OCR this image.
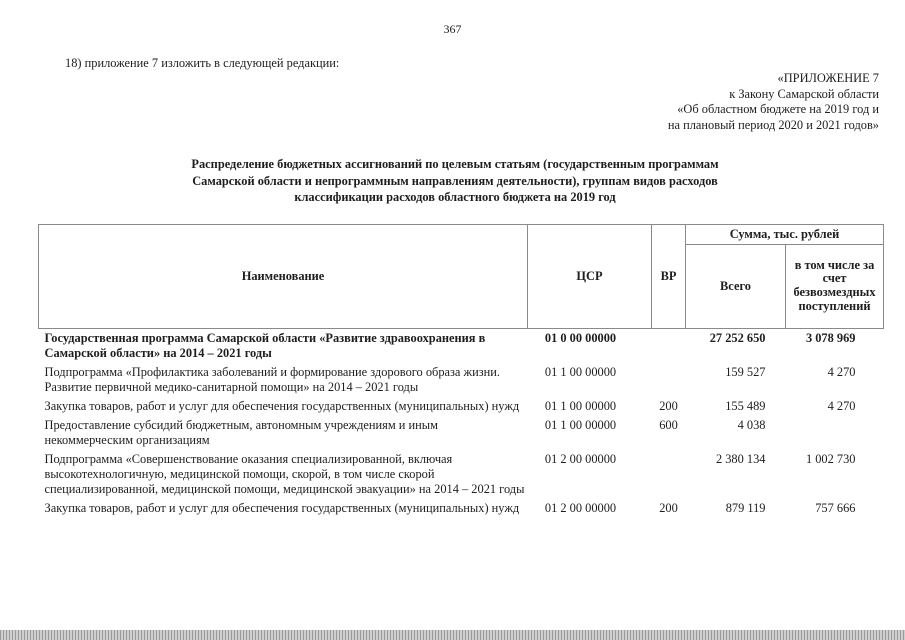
367
18) приложение 7 изложить в следующей редакции:
«ПРИЛОЖЕНИЕ 7
к Закону Самарской области
«Об областном бюджете на 2019 год и
на плановый период 2020 и 2021 годов»
Распределение бюджетных ассигнований по целевым статьям (государственным программам
Самарской области и непрограммным направлениям деятельности), группам видов расходов
классификации расходов областного бюджета на 2019 год
Наименование	ЦСР	ВР	Сумма, тыс. рублей	
			Всего	в том числе за счет безвозмездных поступлений
Государственная программа Самарской области «Развитие здравоохранения в Самарской области» на 2014 – 2021 годы	01 0 00 00000		27 252 650	3 078 969
Подпрограмма «Профилактика заболеваний и формирование здорового образа жизни. Развитие первичной медико-санитарной помощи» на 2014 – 2021 годы	01 1 00 00000		159 527	4 270
Закупка товаров, работ и услуг для обеспечения государственных (муниципальных) нужд	01 1 00 00000	200	155 489	4 270
Предоставление субсидий бюджетным, автономным учреждениям и иным некоммерческим организациям	01 1 00 00000	600	4 038	
Подпрограмма «Совершенствование оказания специализированной, включая высокотехнологичную, медицинской помощи, скорой, в том числе скорой специализированной, медицинской помощи, медицинской эвакуации» на 2014 – 2021 годы	01 2 00 00000		2 380 134	1 002 730
Закупка товаров, работ и услуг для обеспечения государственных (муниципальных) нужд	01 2 00 00000	200	879 119	757 666
